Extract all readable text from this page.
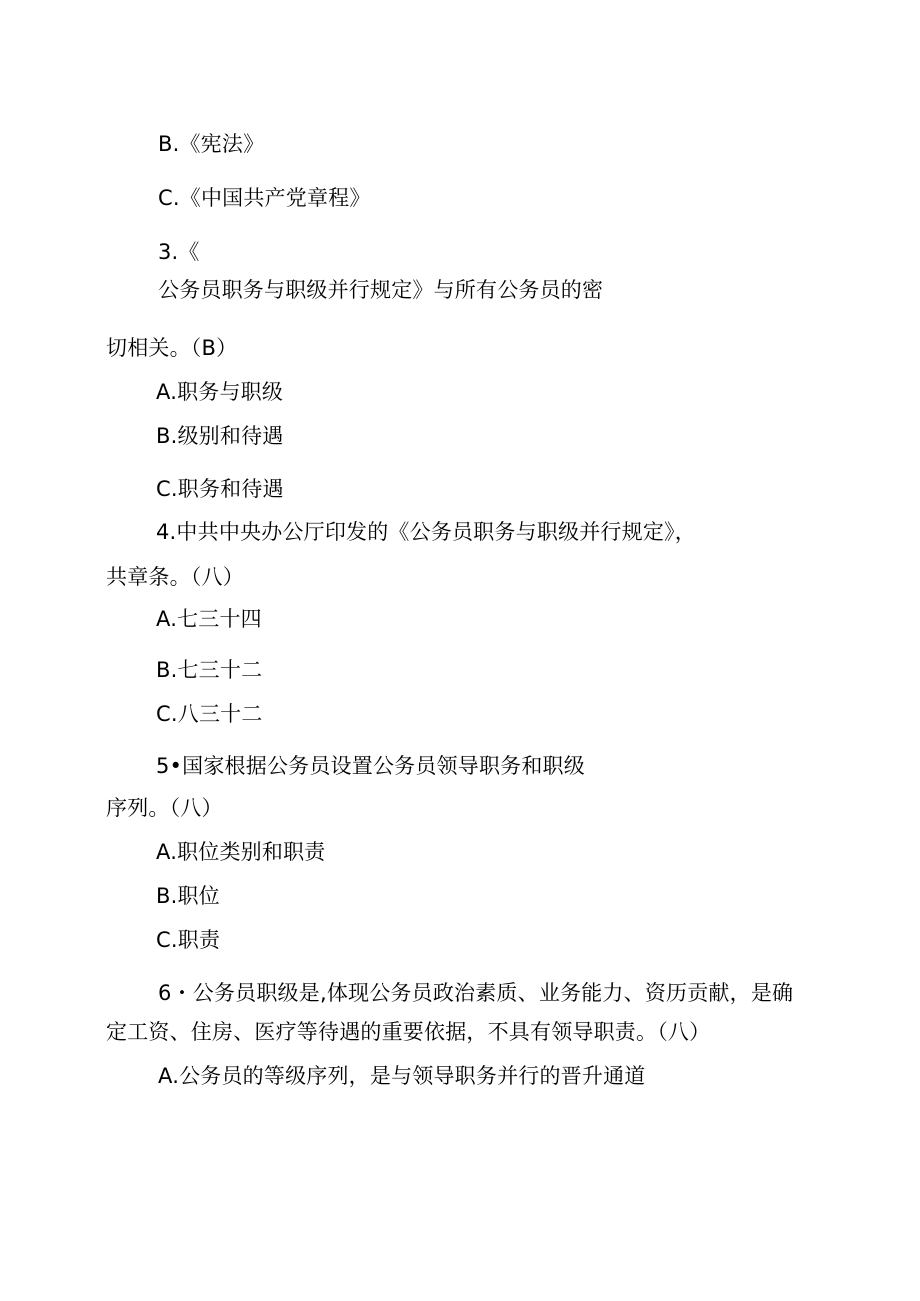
B.《宪法》
C.《中国共产党章程》
3.《
公务员职务与职级并行规定》与所有公务员的密
切相关。（B）
A.职务与职级
B.级别和待遇
C.职务和待遇
4.中共中央办公厅印发的《公务员职务与职级并行规定》，
共章条。（八）
A.七三十四
B.七三十二
C.八三十二
5•国家根据公务员设置公务员领导职务和职级
序列。（八）
A.职位类别和职责
B.职位
C.职责
6・公务员职级是,体现公务员政治素质、业务能力、资历贡献，是确
定工资、住房、医疗等待遇的重要依据，不具有领导职责。（八）
A.公务员的等级序列，是与领导职务并行的晋升通道
